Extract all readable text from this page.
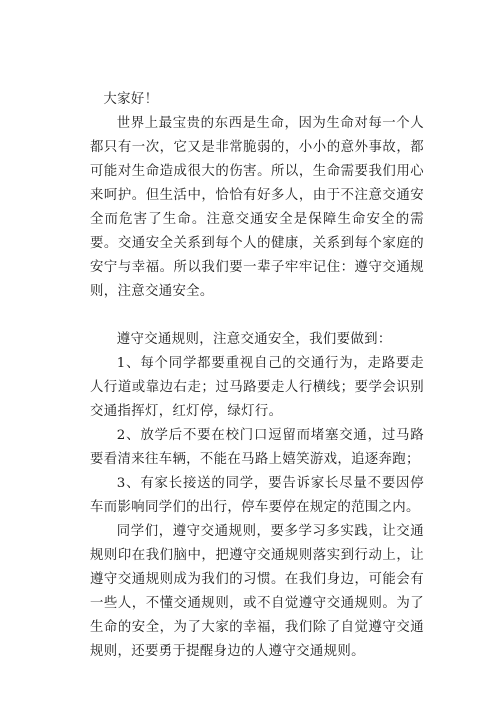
大家好！

世界上最宝贵的东西是生命，因为生命对每一个人都只有一次，它又是非常脆弱的，小小的意外事故，都可能对生命造成很大的伤害。所以，生命需要我们用心来呵护。但生活中，恰恰有好多人，由于不注意交通安全而危害了生命。注意交通安全是保障生命安全的需要。交通安全关系到每个人的健康，关系到每个家庭的安宁与幸福。所以我们要一辈子牢牢记住：遵守交通规则，注意交通安全。

遵守交通规则，注意交通安全，我们要做到：

1、每个同学都要重视自己的交通行为，走路要走人行道或靠边右走；过马路要走人行横线；要学会识别交通指挥灯，红灯停，绿灯行。

2、放学后不要在校门口逗留而堵塞交通，过马路要看清来往车辆，不能在马路上嬉笑游戏，追逐奔跑；

3、有家长接送的同学，要告诉家长尽量不要因停车而影响同学们的出行，停车要停在规定的范围之内。

同学们，遵守交通规则，要多学习多实践，让交通规则印在我们脑中，把遵守交通规则落实到行动上，让遵守交通规则成为我们的习惯。在我们身边，可能会有一些人，不懂交通规则，或不自觉遵守交通规则。为了生命的安全，为了大家的幸福，我们除了自觉遵守交通规则，还要勇于提醒身边的人遵守交通规则。
